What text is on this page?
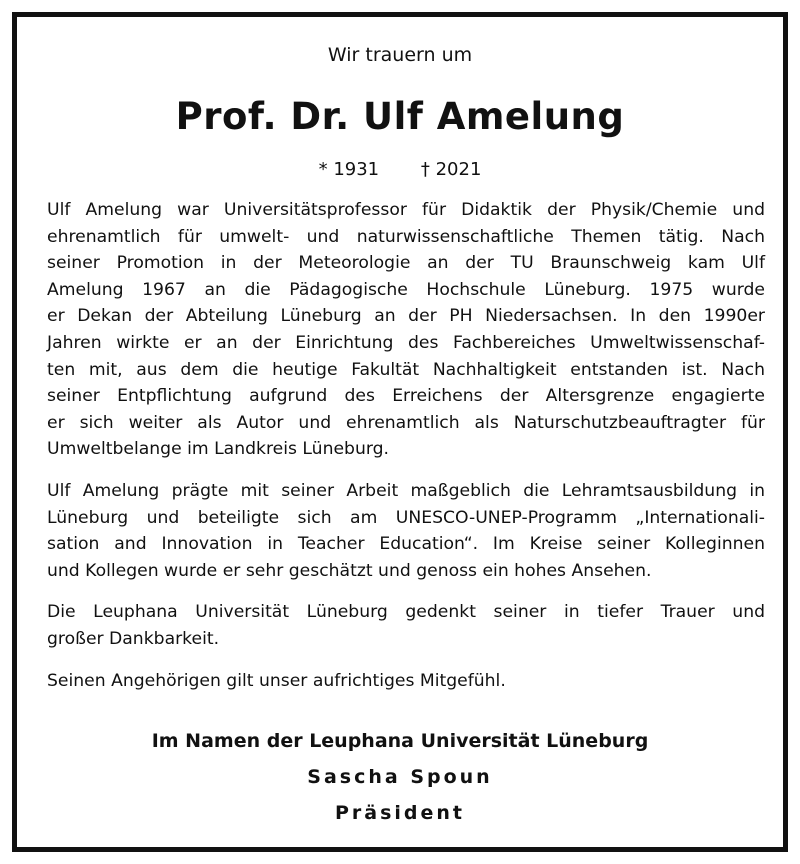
Wir trauern um
Prof. Dr. Ulf Amelung
* 1931 † 2021

Ulf Amelung war Universitätsprofessor für Didaktik der Physik/Chemie und
ehrenamtlich für umwelt- und naturwissenschaftliche Themen tätig. Nach
seiner Promotion in der Meteorologie an der TU Braunschweig kam Ulf
Amelung 1967 an die Pädagogische Hochschule Lüneburg. 1975 wurde
er Dekan der Abteilung Lüneburg an der PH Niedersachsen. In den 1990er
Jahren wirkte er an der Einrichtung des Fachbereiches Umweltwissenschaf-
ten mit, aus dem die heutige Fakultät Nachhaltigkeit entstanden ist. Nach
seiner Entpflichtung aufgrund des Erreichens der Altersgrenze engagierte
er sich weiter als Autor und ehrenamtlich als Naturschutzbeauftragter für
Umweltbelange im Landkreis Lüneburg.

Ulf Amelung prägte mit seiner Arbeit maßgeblich die Lehramtsausbildung in
Lüneburg und beteiligte sich am UNESCO-UNEP-Programm „Internationali-
sation and Innovation in Teacher Education“. Im Kreise seiner Kolleginnen
und Kollegen wurde er sehr geschätzt und genoss ein hohes Ansehen.

Die Leuphana Universität Lüneburg gedenkt seiner in tiefer Trauer und
großer Dankbarkeit.

Seinen Angehörigen gilt unser aufrichtiges Mitgefühl.

Im Namen der Leuphana Universität Lüneburg
Sascha Spoun
Präsident
